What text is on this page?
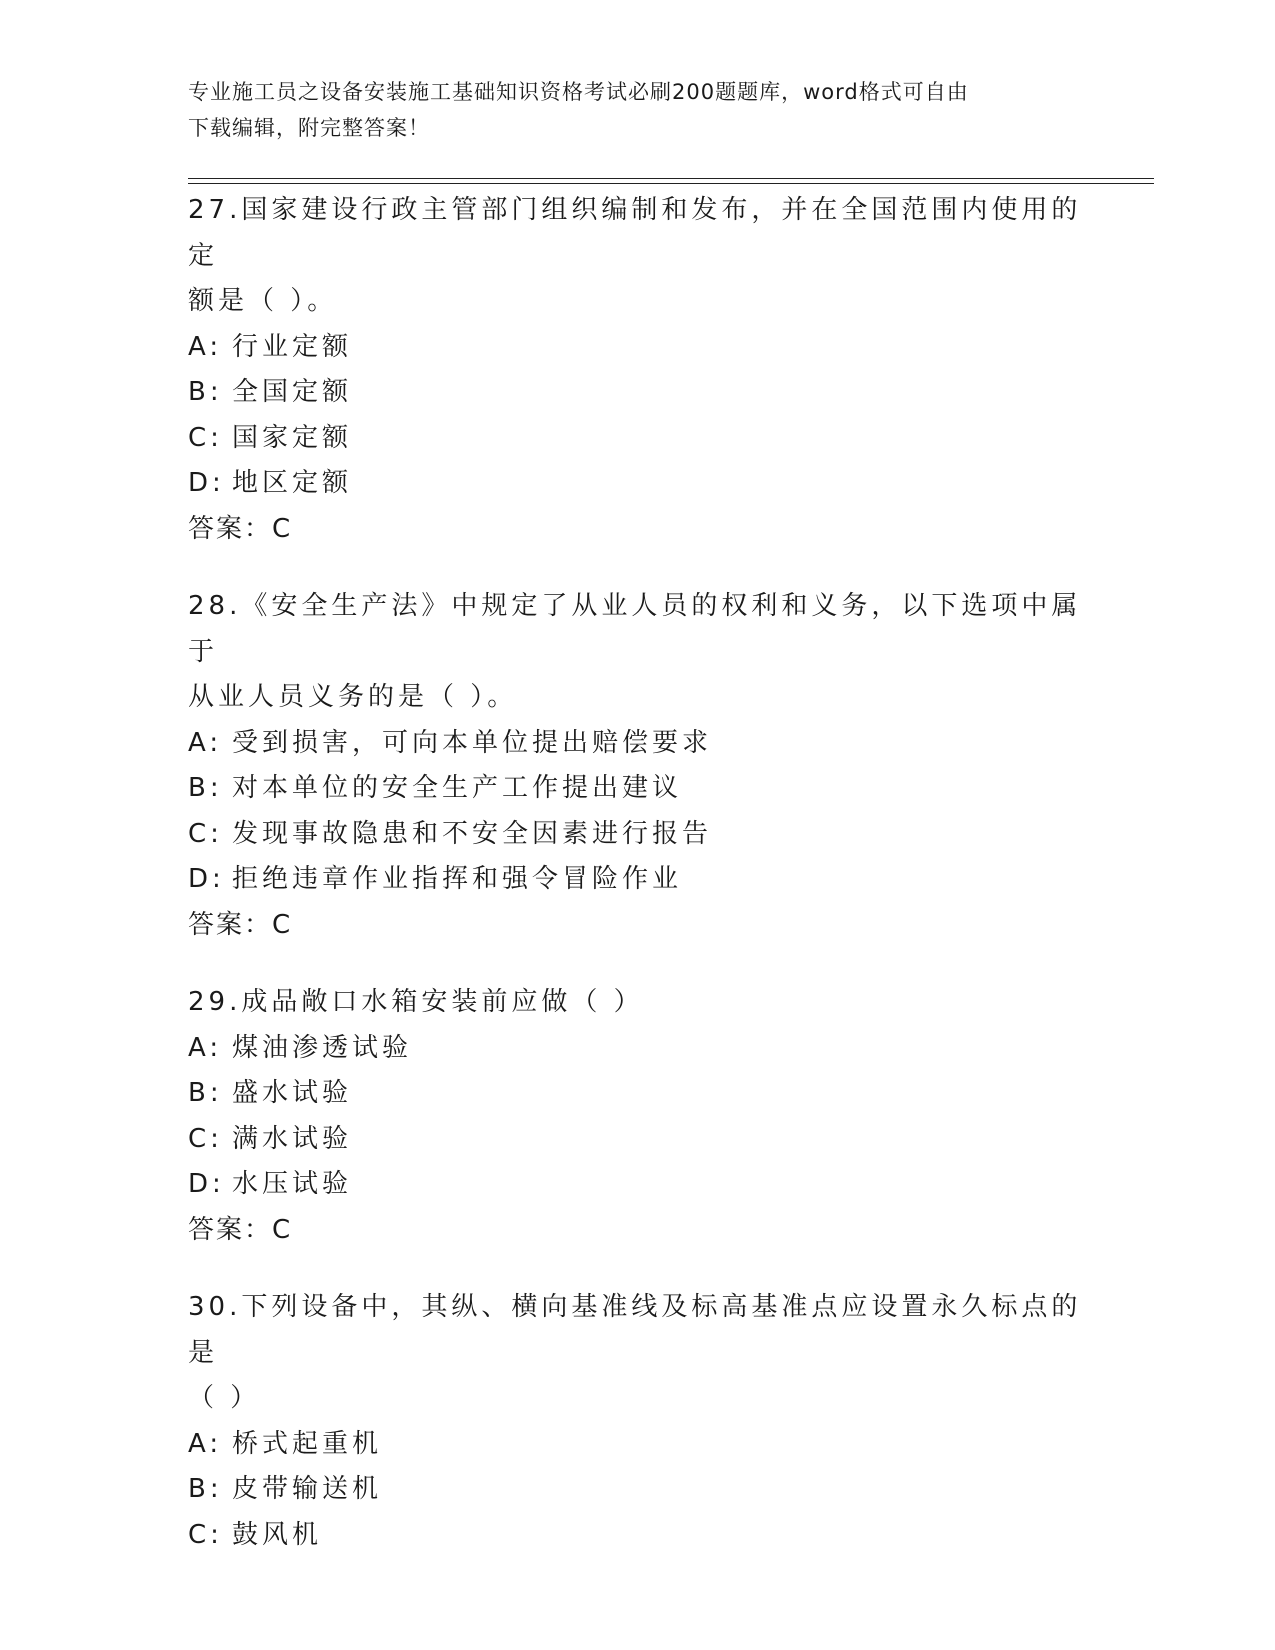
专业施工员之设备安装施工基础知识资格考试必刷200题题库，word格式可自由
下载编辑，附完整答案！
27.国家建设行政主管部门组织编制和发布，并在全国范围内使用的定
额是（ ）。
A: 行业定额
B: 全国定额
C: 国家定额
D: 地区定额
答案：C
28.《安全生产法》中规定了从业人员的权利和义务，以下选项中属于
从业人员义务的是（ ）。
A: 受到损害，可向本单位提出赔偿要求
B: 对本单位的安全生产工作提出建议
C: 发现事故隐患和不安全因素进行报告
D: 拒绝违章作业指挥和强令冒险作业
答案：C
29.成品敞口水箱安装前应做（ ）
A: 煤油渗透试验
B: 盛水试验
C: 满水试验
D: 水压试验
答案：C
30.下列设备中，其纵、横向基准线及标高基准点应设置永久标点的是
（ ）
A: 桥式起重机
B: 皮带输送机
C: 鼓风机
